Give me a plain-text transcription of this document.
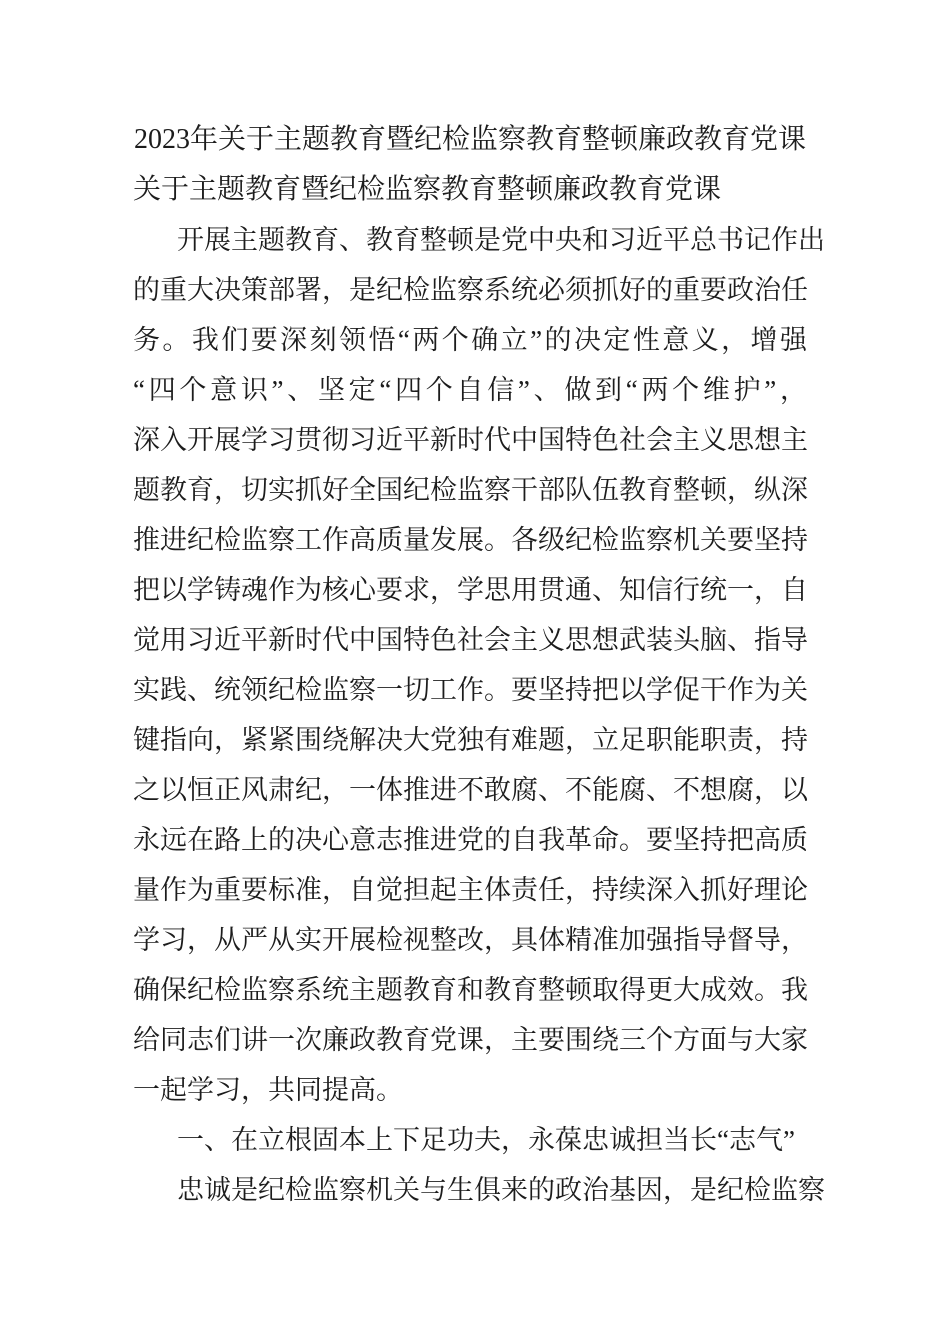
2023年关于主题教育暨纪检监察教育整顿廉政教育党课
关于主题教育暨纪检监察教育整顿廉政教育党课
开展主题教育、教育整顿是党中央和习近平总书记作出
的重大决策部署，是纪检监察系统必须抓好的重要政治任
务。我们要深刻领悟“两个确立”的决定性意义，增强
“四个意识”、坚定“四个自信”、做到“两个维护”，
深入开展学习贯彻习近平新时代中国特色社会主义思想主
题教育，切实抓好全国纪检监察干部队伍教育整顿，纵深
推进纪检监察工作高质量发展。各级纪检监察机关要坚持
把以学铸魂作为核心要求，学思用贯通、知信行统一，自
觉用习近平新时代中国特色社会主义思想武装头脑、指导
实践、统领纪检监察一切工作。要坚持把以学促干作为关
键指向，紧紧围绕解决大党独有难题，立足职能职责，持
之以恒正风肃纪，一体推进不敢腐、不能腐、不想腐，以
永远在路上的决心意志推进党的自我革命。要坚持把高质
量作为重要标准，自觉担起主体责任，持续深入抓好理论
学习，从严从实开展检视整改，具体精准加强指导督导，
确保纪检监察系统主题教育和教育整顿取得更大成效。我
给同志们讲一次廉政教育党课，主要围绕三个方面与大家
一起学习，共同提高。
一、在立根固本上下足功夫，永葆忠诚担当长“志气”
忠诚是纪检监察机关与生俱来的政治基因，是纪检监察
